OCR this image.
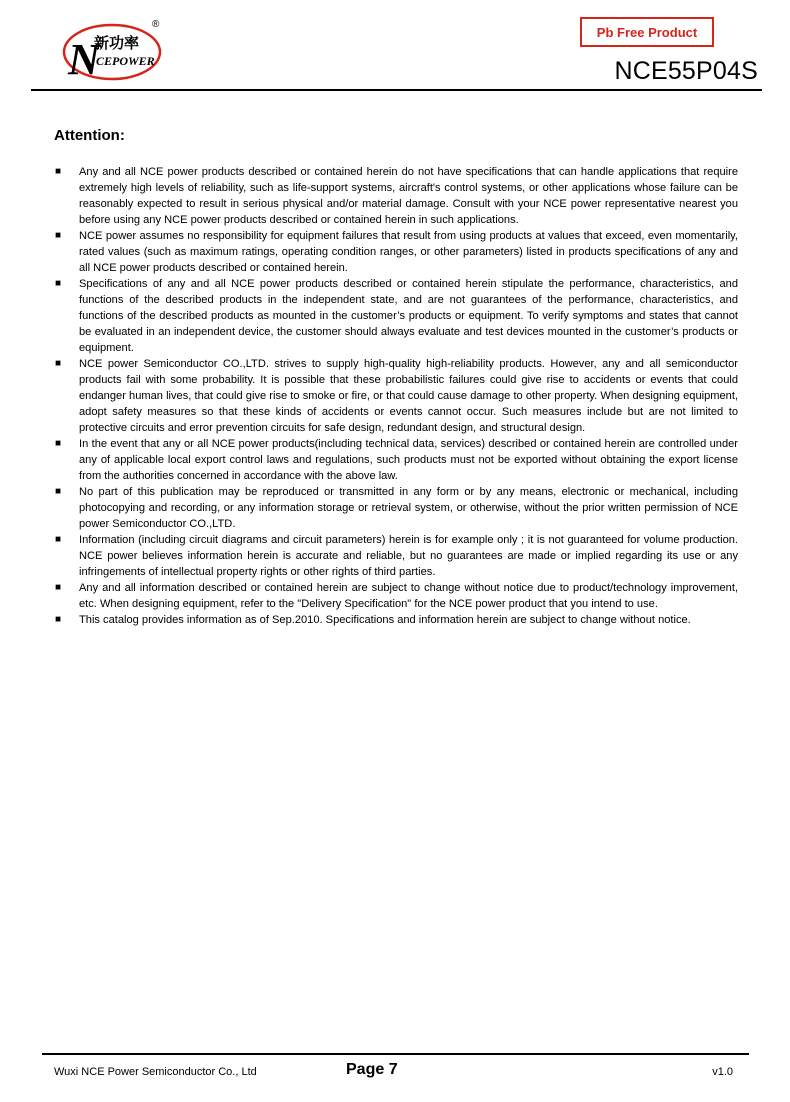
N
新功率
CEPOWER
®	Pb Free Product
NCE55P04S
Attention:
■ Any and all NCE power products described or contained herein do not have specifications that can handle applications that require extremely high levels of reliability, such as life-support systems, aircraft's control systems, or other applications whose failure can be reasonably expected to result in serious physical and/or material damage. Consult with your NCE power representative nearest you before using any NCE power products described or contained herein in such applications.
■ NCE power assumes no responsibility for equipment failures that result from using products at values that exceed, even momentarily, rated values (such as maximum ratings, operating condition ranges, or other parameters) listed in products specifications of any and all NCE power products described or contained herein.
■ Specifications of any and all NCE power products described or contained herein stipulate the performance, characteristics, and functions of the described products in the independent state, and are not guarantees of the performance, characteristics, and functions of the described products as mounted in the customer’s products or equipment. To verify symptoms and states that cannot be evaluated in an independent device, the customer should always evaluate and test devices mounted in the customer’s products or equipment.
■ NCE power Semiconductor CO.,LTD. strives to supply high-quality high-reliability products. However, any and all semiconductor products fail with some probability. It is possible that these probabilistic failures could give rise to accidents or events that could endanger human lives, that could give rise to smoke or fire, or that could cause damage to other property. When designing equipment, adopt safety measures so that these kinds of accidents or events cannot occur. Such measures include but are not limited to protective circuits and error prevention circuits for safe design, redundant design, and structural design.
■ In the event that any or all NCE power products(including technical data, services) described or contained herein are controlled under any of applicable local export control laws and regulations, such products must not be exported without obtaining the export license from the authorities concerned in accordance with the above law.
■ No part of this publication may be reproduced or transmitted in any form or by any means, electronic or mechanical, including photocopying and recording, or any information storage or retrieval system, or otherwise, without the prior written permission of NCE power Semiconductor CO.,LTD.
■ Information (including circuit diagrams and circuit parameters) herein is for example only ; it is not guaranteed for volume production. NCE power believes information herein is accurate and reliable, but no guarantees are made or implied regarding its use or any infringements of intellectual property rights or other rights of third parties.
■ Any and all information described or contained herein are subject to change without notice due to product/technology improvement, etc. When designing equipment, refer to the "Delivery Specification" for the NCE power product that you intend to use.
■ This catalog provides information as of Sep.2010. Specifications and information herein are subject to change without notice.
Wuxi NCE Power Semiconductor Co., Ltd	Page 7	v1.0
